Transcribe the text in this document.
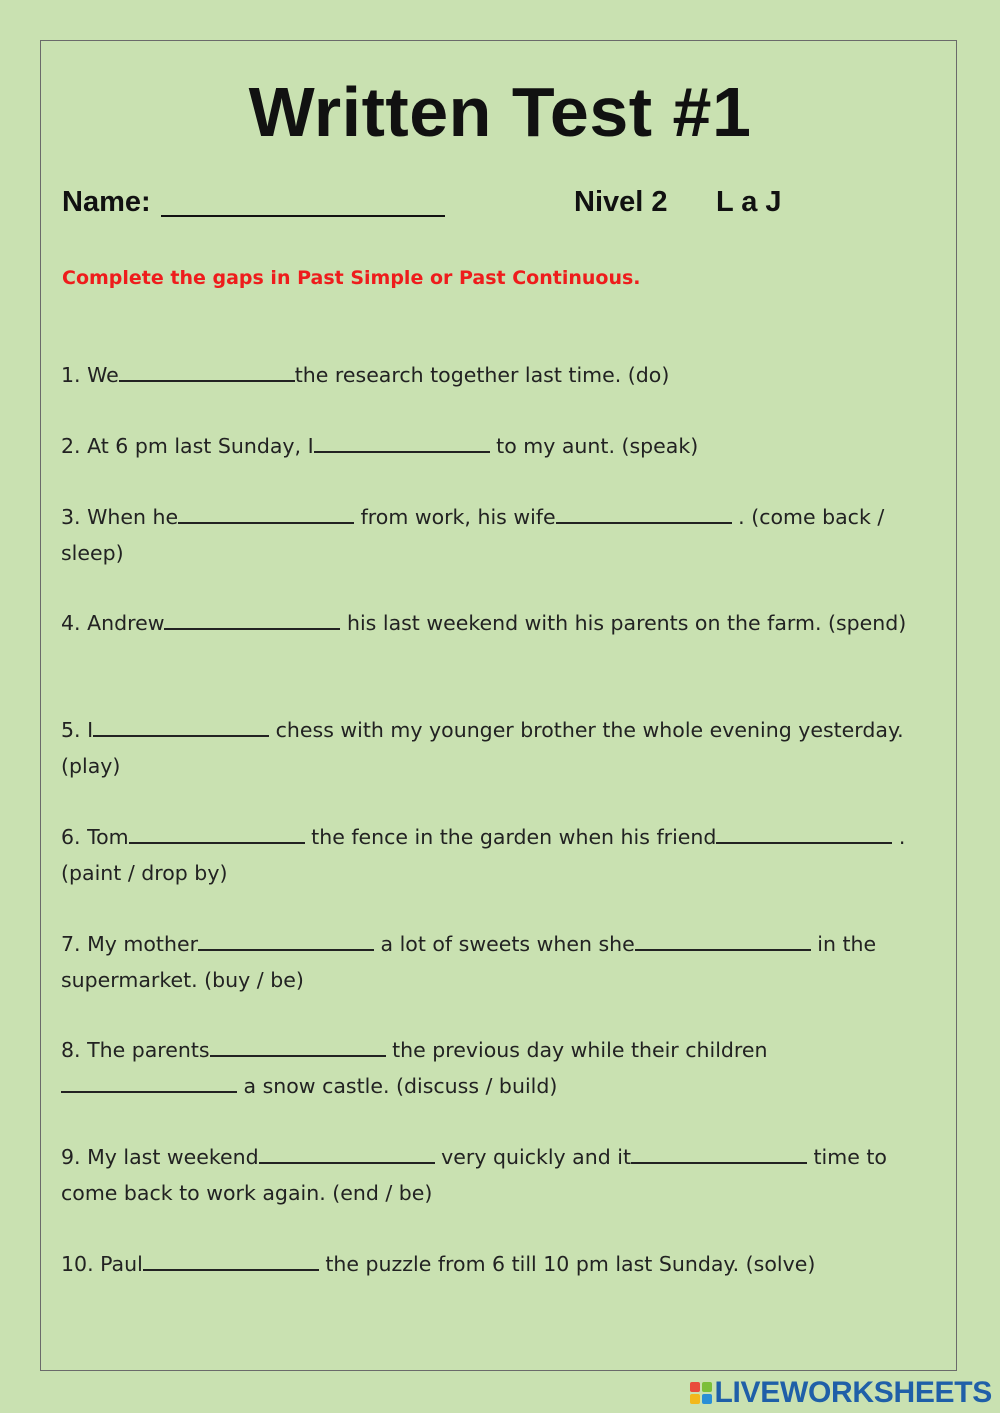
Written Test #1
Name:	Nivel 2 L a J
Complete the gaps in Past Simple or Past Continuous.
1. We	the research together last time. (do)
2. At 6 pm last Sunday, I	to my aunt. (speak)
3. When he	from work, his wife	. (come back / sleep)
4. Andrew	his last weekend with his parents on the farm. (spend)
5. I	chess with my younger brother the whole evening yesterday. (play)
6. Tom	the fence in the garden when his friend	. (paint / drop by)
7. My mother	a lot of sweets when she	in the supermarket. (buy / be)
8. The parents	the previous day while their children a snow castle. (discuss / build)
9. My last weekend	very quickly and it	time to come back to work again. (end / be)
10. Paul	the puzzle from 6 till 10 pm last Sunday. (solve)
LIVEWORKSHEETS
